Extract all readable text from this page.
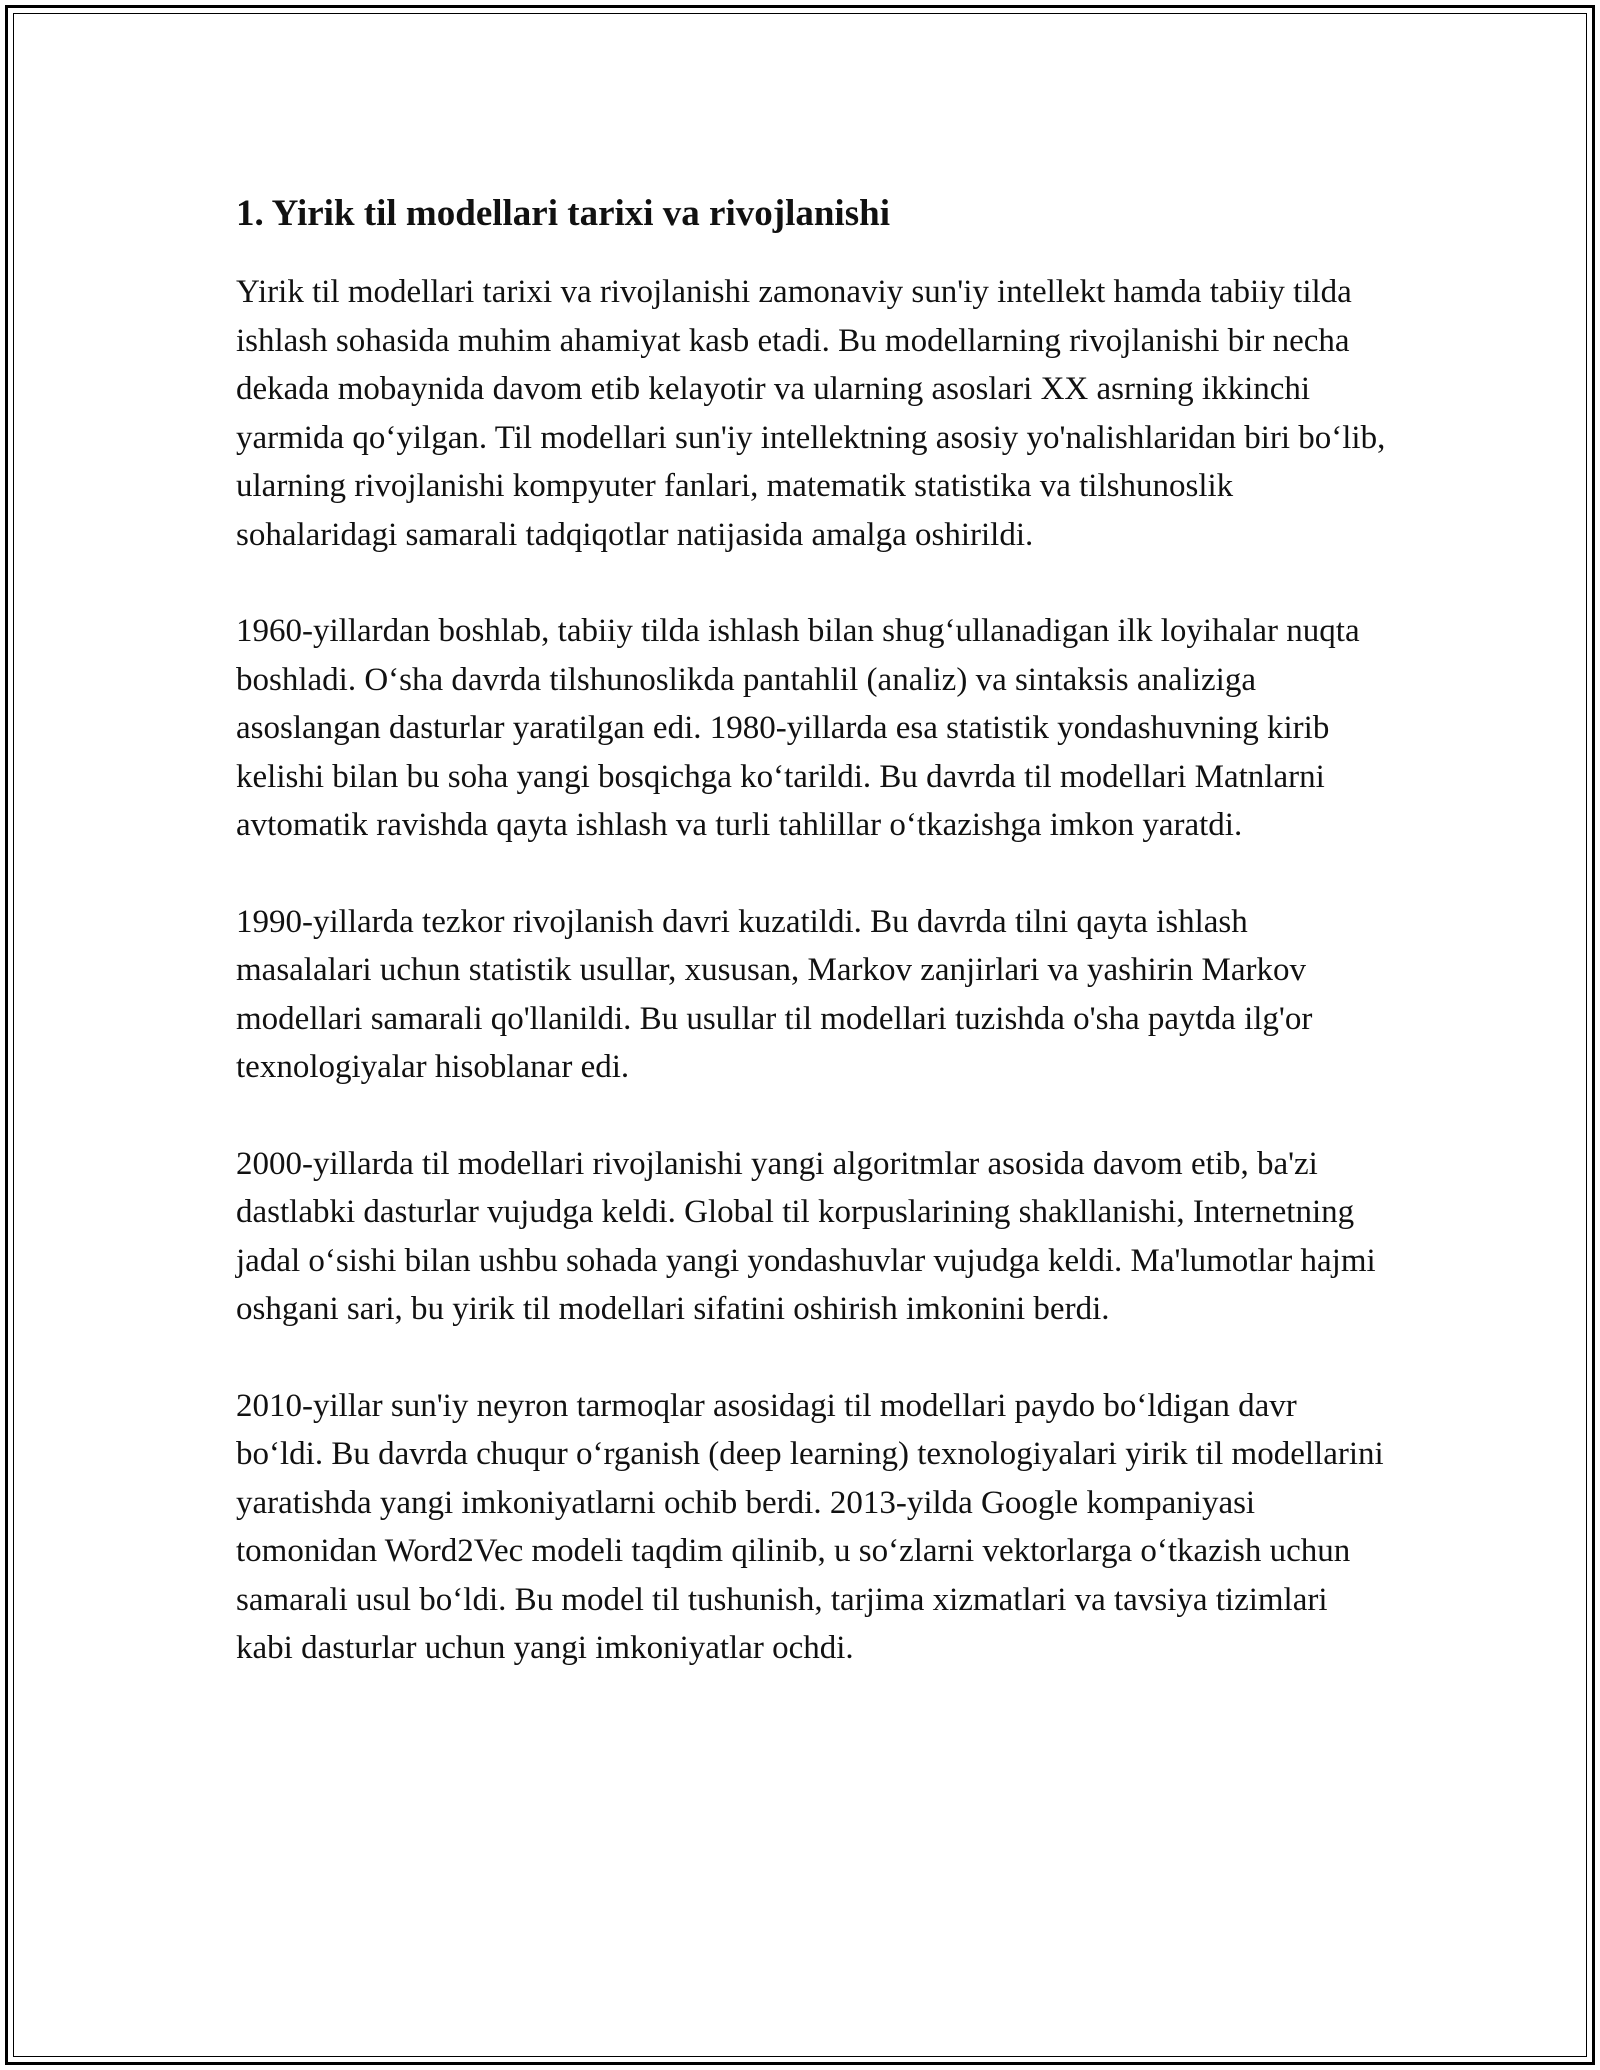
1. Yirik til modellari tarixi va rivojlanishi

Yirik til modellari tarixi va rivojlanishi zamonaviy sun'iy intellekt hamda tabiiy tilda ishlash sohasida muhim ahamiyat kasb etadi. Bu modellarning rivojlanishi bir necha dekada mobaynida davom etib kelayotir va ularning asoslari XX asrning ikkinchi yarmida qo‘yilgan. Til modellari sun'iy intellektning asosiy yo'nalishlaridan biri bo‘lib, ularning rivojlanishi kompyuter fanlari, matematik statistika va tilshunoslik sohalaridagi samarali tadqiqotlar natijasida amalga oshirildi.

1960-yillardan boshlab, tabiiy tilda ishlash bilan shug‘ullanadigan ilk loyihalar nuqta boshladi. O‘sha davrda tilshunoslikda pantahlil (analiz) va sintaksis analiziga asoslangan dasturlar yaratilgan edi. 1980-yillarda esa statistik yondashuvning kirib kelishi bilan bu soha yangi bosqichga ko‘tarildi. Bu davrda til modellari Matnlarni avtomatik ravishda qayta ishlash va turli tahlillar o‘tkazishga imkon yaratdi.

1990-yillarda tezkor rivojlanish davri kuzatildi. Bu davrda tilni qayta ishlash masalalari uchun statistik usullar, xususan, Markov zanjirlari va yashirin Markov modellari samarali qo'llanildi. Bu usullar til modellari tuzishda o'sha paytda ilg'or texnologiyalar hisoblanar edi.

2000-yillarda til modellari rivojlanishi yangi algoritmlar asosida davom etib, ba'zi dastlabki dasturlar vujudga keldi. Global til korpuslarining shakllanishi, Internetning jadal o‘sishi bilan ushbu sohada yangi yondashuvlar vujudga keldi. Ma'lumotlar hajmi oshgani sari, bu yirik til modellari sifatini oshirish imkonini berdi.

2010-yillar sun'iy neyron tarmoqlar asosidagi til modellari paydo bo‘ldigan davr bo‘ldi. Bu davrda chuqur o‘rganish (deep learning) texnologiyalari yirik til modellarini yaratishda yangi imkoniyatlarni ochib berdi. 2013-yilda Google kompaniyasi tomonidan Word2Vec modeli taqdim qilinib, u so‘zlarni vektorlarga o‘tkazish uchun samarali usul bo‘ldi. Bu model til tushunish, tarjima xizmatlari va tavsiya tizimlari kabi dasturlar uchun yangi imkoniyatlar ochdi.
